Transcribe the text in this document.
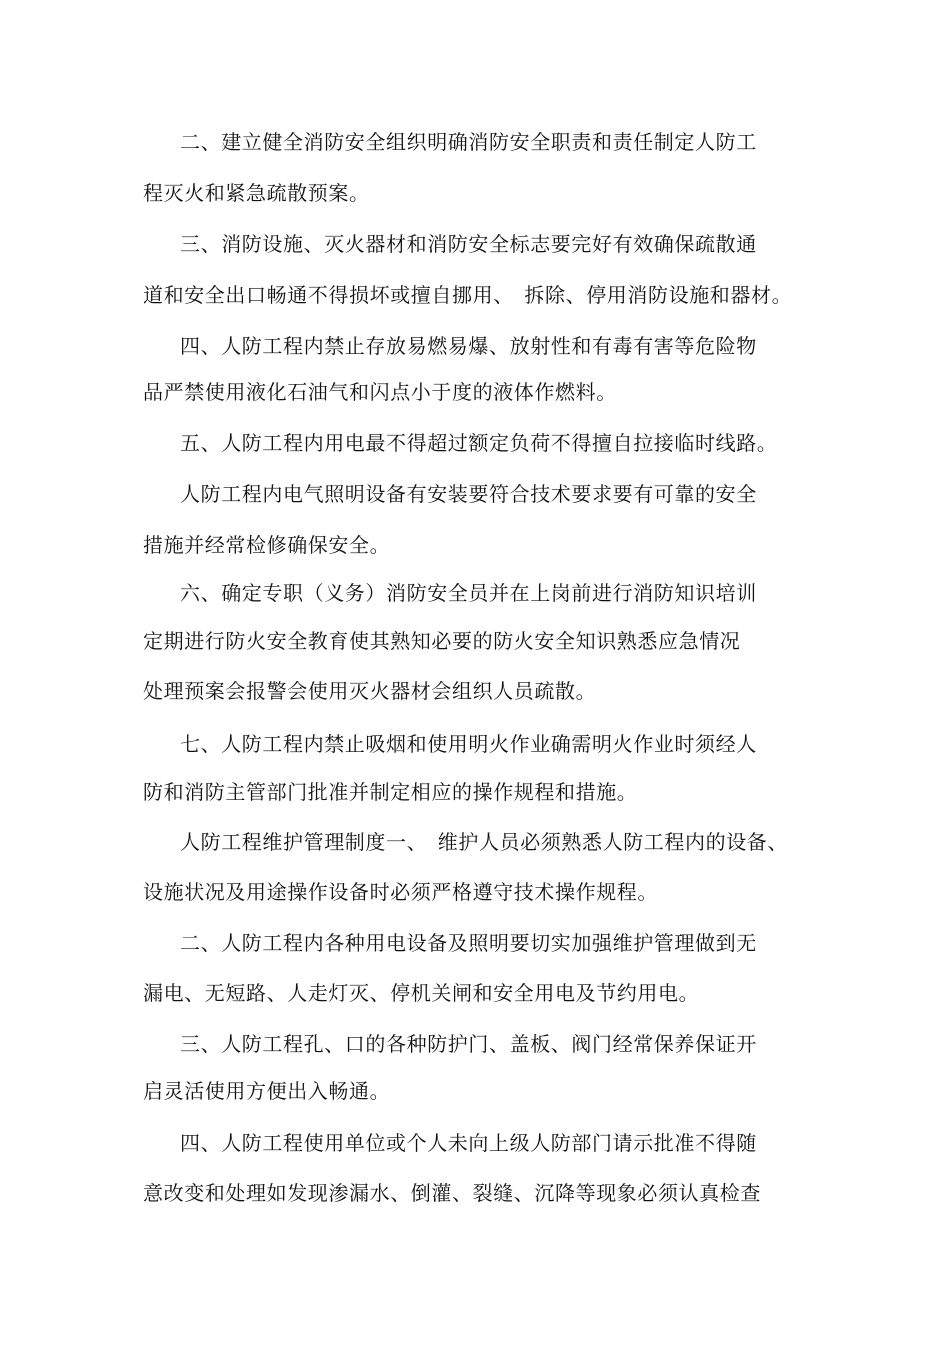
二、建立健全消防安全组织明确消防安全职责和责任制定人防工
程灭火和紧急疏散预案。
三、消防设施、灭火器材和消防安全标志要完好有效确保疏散通
道和安全出口畅通不得损坏或擅自挪用、　拆除、停用消防设施和器材。
四、人防工程内禁止存放易燃易爆、放射性和有毒有害等危险物
品严禁使用液化石油气和闪点小于度的液体作燃料。
五、人防工程内用电最不得超过额定负荷不得擅自拉接临时线路。
人防工程内电气照明设备有安装要符合技术要求要有可靠的安全
措施并经常检修确保安全。
六、确定专职（义务）消防安全员并在上岗前进行消防知识培训
定期进行防火安全教育使其熟知必要的防火安全知识熟悉应急情况
处理预案会报警会使用灭火器材会组织人员疏散。
七、人防工程内禁止吸烟和使用明火作业确需明火作业时须经人
防和消防主管部门批准并制定相应的操作规程和措施。
人防工程维护管理制度一、　维护人员必须熟悉人防工程内的设备、
设施状况及用途操作设备时必须严格遵守技术操作规程。
二、人防工程内各种用电设备及照明要切实加强维护管理做到无
漏电、无短路、人走灯灭、停机关闸和安全用电及节约用电。
三、人防工程孔、口的各种防护门、盖板、阀门经常保养保证开
启灵活使用方便出入畅通。
四、人防工程使用单位或个人未向上级人防部门请示批准不得随
意改变和处理如发现渗漏水、倒灌、裂缝、沉降等现象必须认真检查
